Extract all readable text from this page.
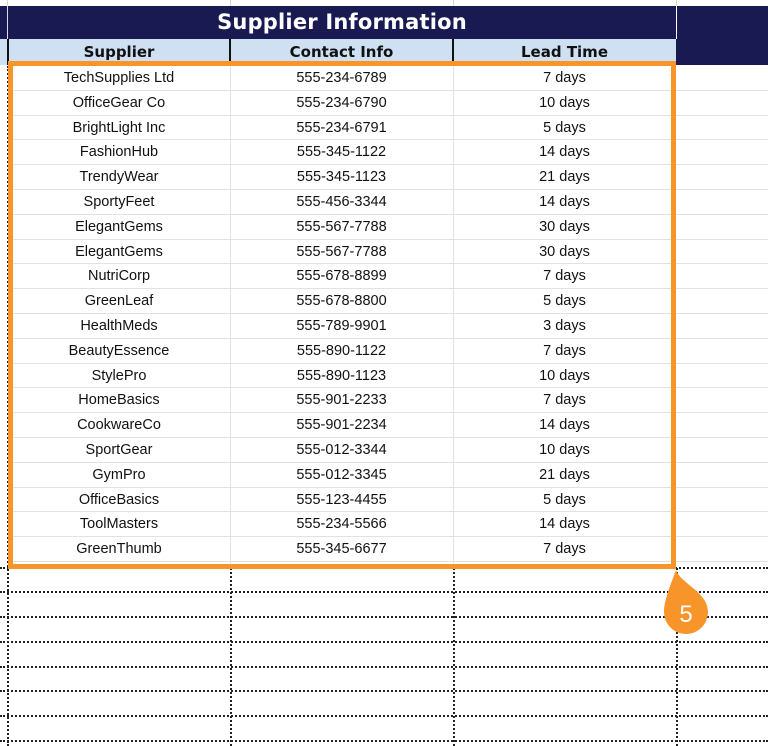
Supplier Information
Supplier	Contact Info	Lead Time
TechSupplies Ltd	555-234-6789	7 days
OfficeGear Co	555-234-6790	10 days
BrightLight Inc	555-234-6791	5 days
FashionHub	555-345-1122	14 days
TrendyWear	555-345-1123	21 days
SportyFeet	555-456-3344	14 days
ElegantGems	555-567-7788	30 days
ElegantGems	555-567-7788	30 days
NutriCorp	555-678-8899	7 days
GreenLeaf	555-678-8800	5 days
HealthMeds	555-789-9901	3 days
BeautyEssence	555-890-1122	7 days
StylePro	555-890-1123	10 days
HomeBasics	555-901-2233	7 days
CookwareCo	555-901-2234	14 days
SportGear	555-012-3344	10 days
GymPro	555-012-3345	21 days
OfficeBasics	555-123-4455	5 days
ToolMasters	555-234-5566	14 days
GreenThumb	555-345-6677	7 days
5
